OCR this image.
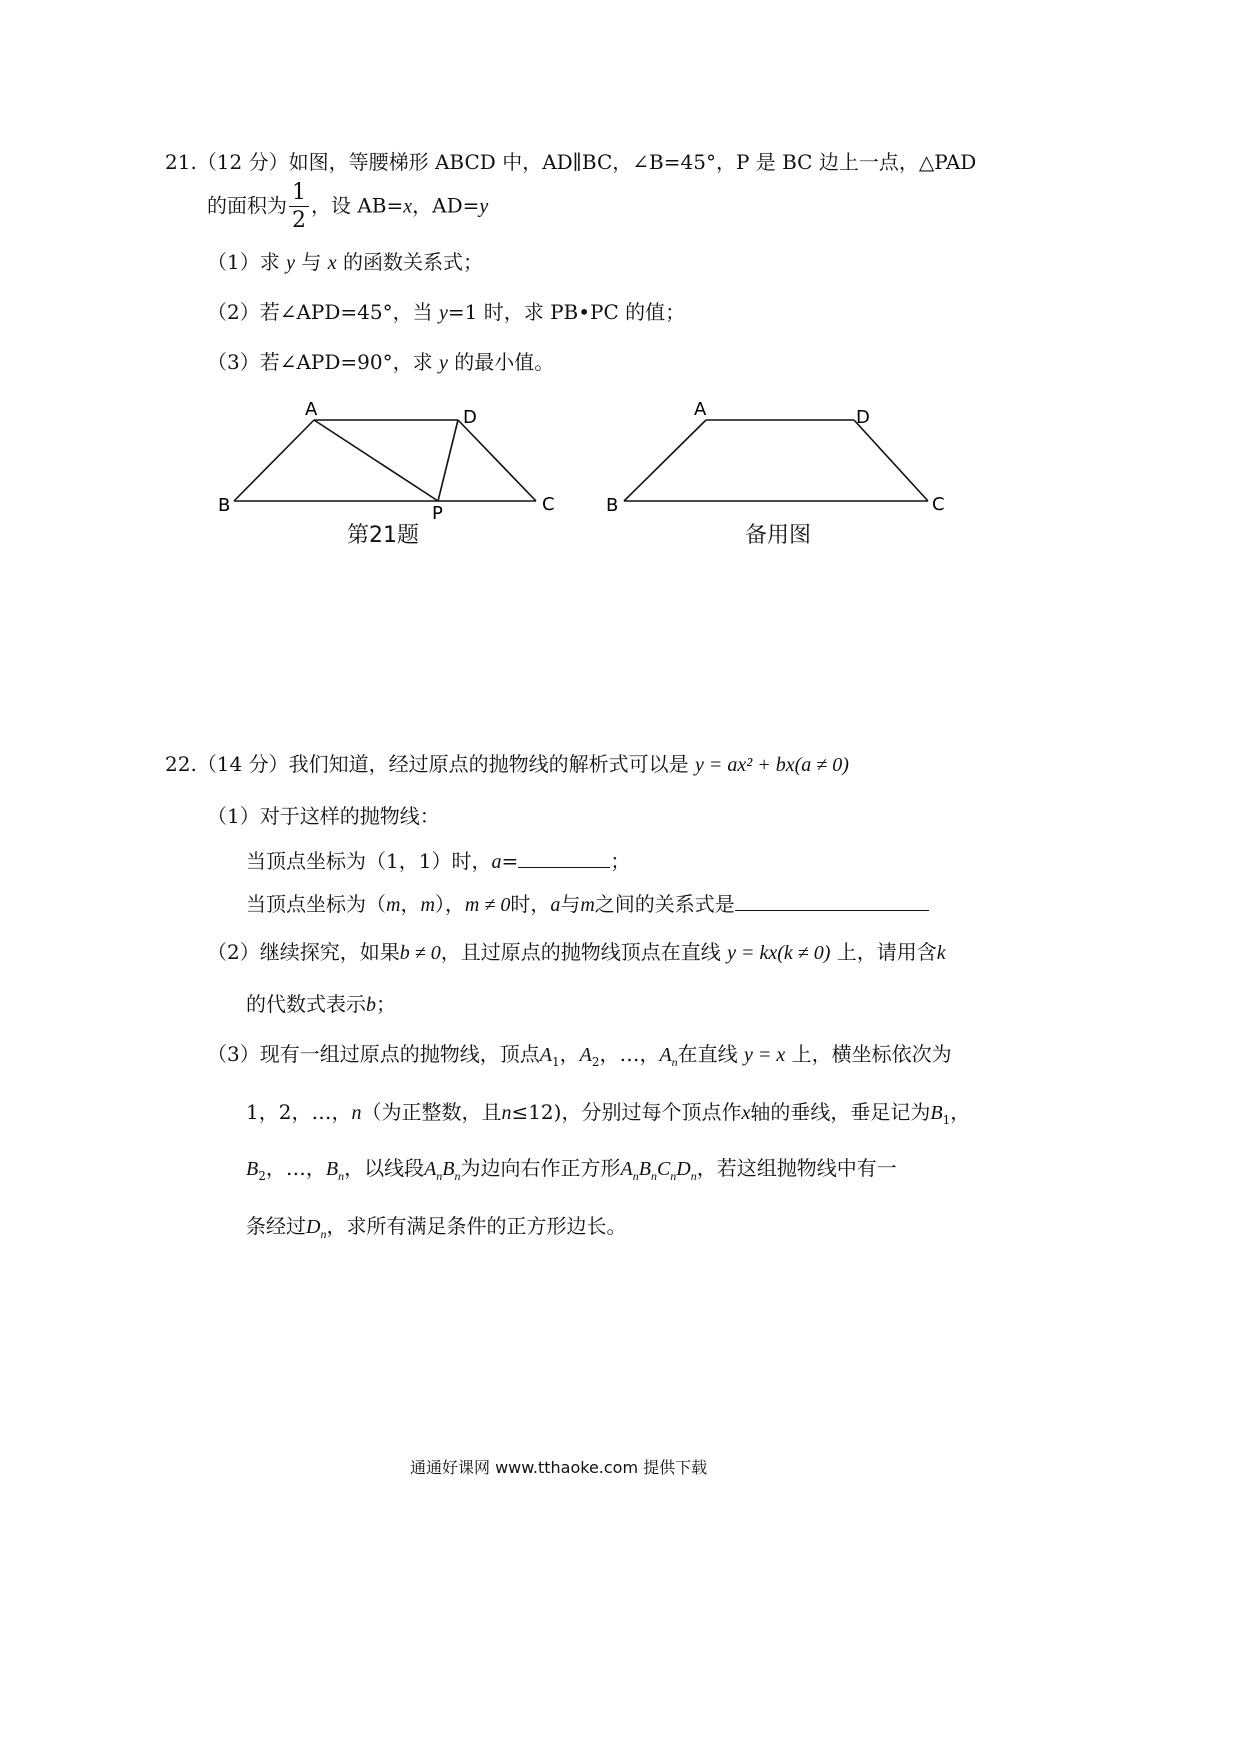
21.（12 分）如图，等腰梯形 ABCD 中，AD∥BC，∠B=45°，P 是 BC 边上一点，△PAD
的面积为 $\frac{1}{2}$ ，设 AB=x，AD=y
（1）求 y 与 x 的函数关系式；
（2）若∠APD=45°，当 y=1 时，求 PB•PC 的值；
（3）若∠APD=90°，求 y 的最小值。
A	D
B	C
P
第21题
A	D
B	C
备用图
22.（14 分）我们知道，经过原点的抛物线的解析式可以是 y = ax² + bx(a ≠ 0)
（1）对于这样的抛物线：
当顶点坐标为（1，1）时，a=	；
当顶点坐标为（m，m），m ≠ 0时，a与m之间的关系式是
（2）继续探究，如果b ≠ 0，且过原点的抛物线顶点在直线 y = kx(k ≠ 0) 上，请用含k
的代数式表示b；
（3）现有一组过原点的抛物线，顶点$A_1$，$A_2$，…，$A_n$在直线 y = x 上，横坐标依次为
1，2，…，n（为正整数，且n≤12)，分别过每个顶点作x轴的垂线，垂足记为$B_1$，
$B_2$，…，$B_n$，以线段$A_nB_n$为边向右作正方形$A_nB_nC_nD_n$，若这组抛物线中有一
条经过$D_n$，求所有满足条件的正方形边长。
通通好课网 www.tthaoke.com 提供下载
